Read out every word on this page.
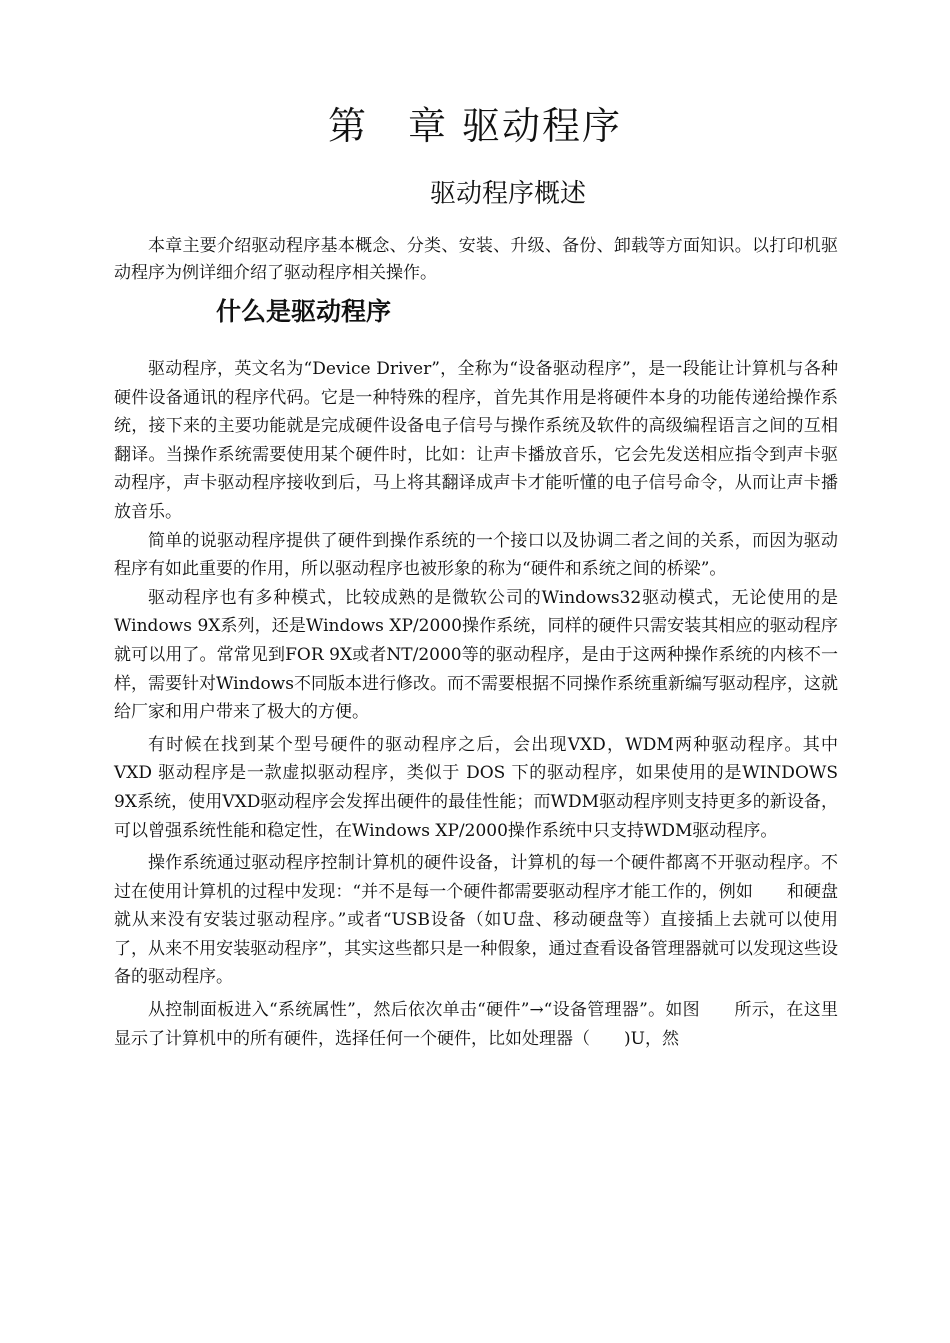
第　章 驱动程序
驱动程序概述

本章主要介绍驱动程序基本概念、分类、安装、升级、备份、卸载等方面知识。以打印机驱动程序为例详细介绍了驱动程序相关操作。

什么是驱动程序

驱动程序，英文名为“Device Driver”，全称为“设备驱动程序”，是一段能让计算机与各种硬件设备通讯的程序代码。它是一种特殊的程序，首先其作用是将硬件本身的功能传递给操作系统，接下来的主要功能就是完成硬件设备电子信号与操作系统及软件的高级编程语言之间的互相翻译。当操作系统需要使用某个硬件时，比如：让声卡播放音乐，它会先发送相应指令到声卡驱动程序，声卡驱动程序接收到后，马上将其翻译成声卡才能听懂的电子信号命令，从而让声卡播放音乐。

简单的说驱动程序提供了硬件到操作系统的一个接口以及协调二者之间的关系，而因为驱动程序有如此重要的作用，所以驱动程序也被形象的称为“硬件和系统之间的桥梁”。

驱动程序也有多种模式，比较成熟的是微软公司的Windows32驱动模式，无论使用的是Windows 9X系列，还是Windows XP/2000操作系统，同样的硬件只需安装其相应的驱动程序就可以用了。常常见到FOR 9X或者NT/2000等的驱动程序，是由于这两种操作系统的内核不一样，需要针对Windows不同版本进行修改。而不需要根据不同操作系统重新编写驱动程序，这就给厂家和用户带来了极大的方便。

有时候在找到某个型号硬件的驱动程序之后，会出现VXD，WDM两种驱动程序。其中 VXD 驱动程序是一款虚拟驱动程序，类似于 DOS 下的驱动程序，如果使用的是WINDOWS 9X系统，使用VXD驱动程序会发挥出硬件的最佳性能；而WDM驱动程序则支持更多的新设备，可以曾强系统性能和稳定性，在Windows XP/2000操作系统中只支持WDM驱动程序。

操作系统通过驱动程序控制计算机的硬件设备，计算机的每一个硬件都离不开驱动程序。不过在使用计算机的过程中发现：“并不是每一个硬件都需要驱动程序才能工作的，例如　　和硬盘就从来没有安装过驱动程序。”或者“USB设备（如U盘、移动硬盘等）直接插上去就可以使用了，从来不用安装驱动程序”，其实这些都只是一种假象，通过查看设备管理器就可以发现这些设备的驱动程序。

从控制面板进入“系统属性”，然后依次单击“硬件”→“设备管理器”。如图　　所示，在这里显示了计算机中的所有硬件，选择任何一个硬件，比如处理器（　　)U，然
